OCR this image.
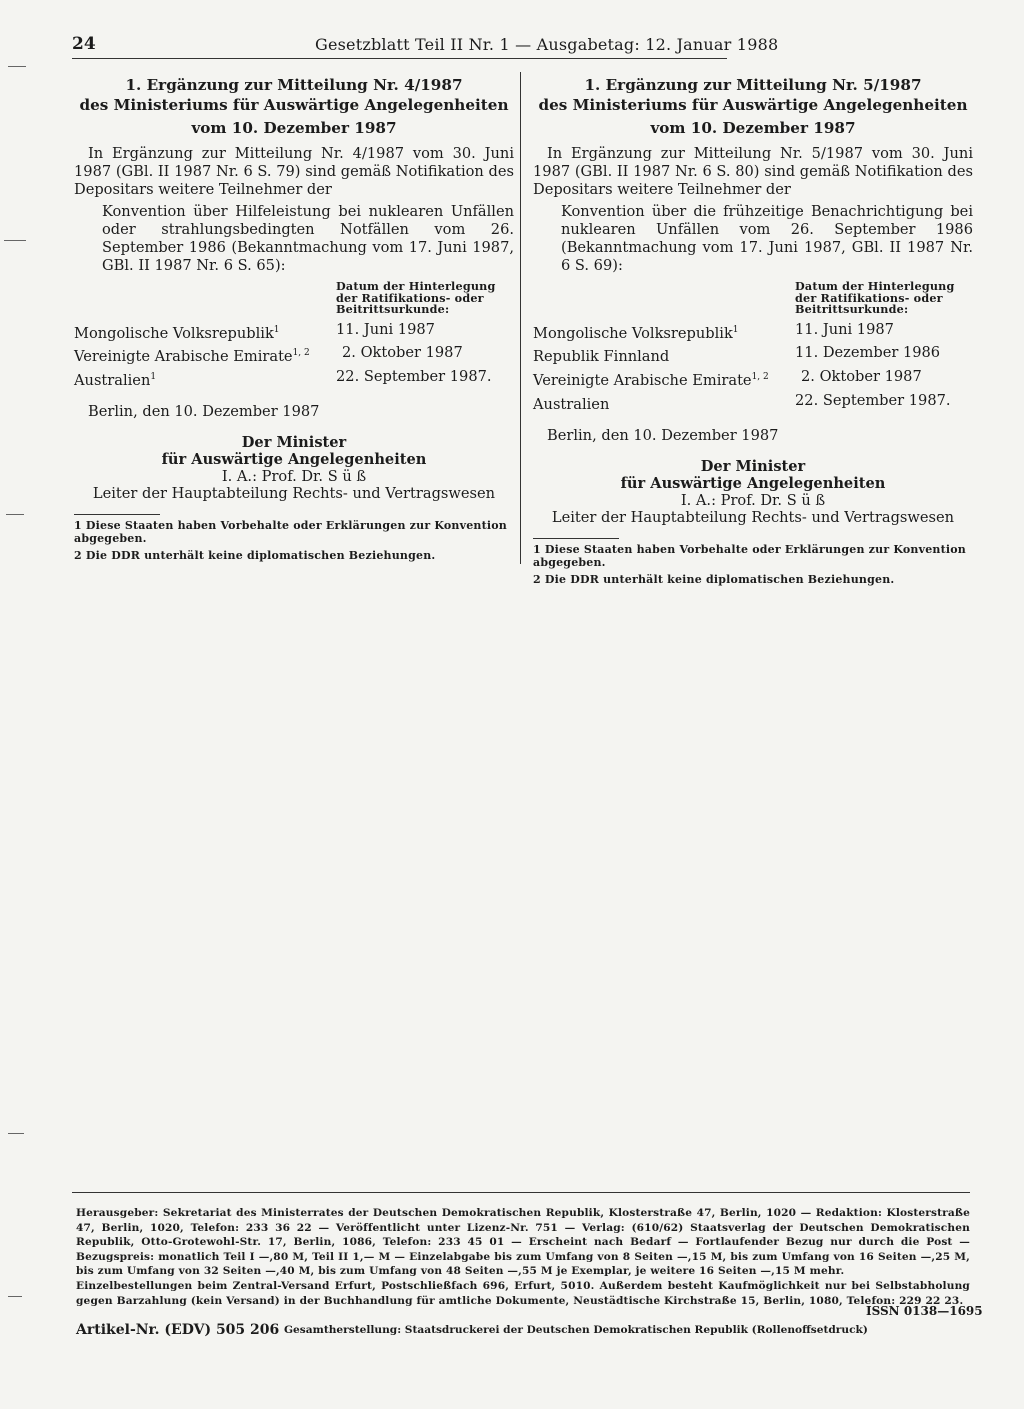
24	Gesetzblatt Teil II Nr. 1 — Ausgabetag: 12. Januar 1988
1. Ergänzung zur Mitteilung Nr. 4/1987
des Ministeriums für Auswärtige Angelegenheiten
vom 10. Dezember 1987

In Ergänzung zur Mitteilung Nr. 4/1987 vom 30. Juni 1987 (GBl. II 1987 Nr. 6 S. 79) sind gemäß Notifikation des Depositars weitere Teilnehmer der

Konvention über Hilfeleistung bei nuklearen Unfällen oder strahlungsbedingten Notfällen vom 26. September 1986 (Bekanntmachung vom 17. Juni 1987, GBl. II 1987 Nr. 6 S. 65):

Datum der Hinterlegung der Ratifikations- oder Beitrittsurkunde:
Mongolische Volksrepublik$^1$	11. Juni 1987
Vereinigte Arabische Emirate$^{1, 2}$	2. Oktober 1987
Australien$^1$	22. September 1987.
Berlin, den 10. Dezember 1987
Der Minister
für Auswärtige Angelegenheiten
I. A.: Prof. Dr. S ü ß
Leiter der Hauptabteilung Rechts- und Vertragswesen
1 Diese Staaten haben Vorbehalte oder Erklärungen zur Konvention abgegeben.
2 Die DDR unterhält keine diplomatischen Beziehungen.
1. Ergänzung zur Mitteilung Nr. 5/1987
des Ministeriums für Auswärtige Angelegenheiten
vom 10. Dezember 1987

In Ergänzung zur Mitteilung Nr. 5/1987 vom 30. Juni 1987 (GBl. II 1987 Nr. 6 S. 80) sind gemäß Notifikation des Depositars weitere Teilnehmer der

Konvention über die frühzeitige Benachrichtigung bei nuklearen Unfällen vom 26. September 1986 (Bekanntmachung vom 17. Juni 1987, GBl. II 1987 Nr. 6 S. 69):

Datum der Hinterlegung der Ratifikations- oder Beitrittsurkunde:
Mongolische Volksrepublik$^1$	11. Juni 1987
Republik Finnland	11. Dezember 1986
Vereinigte Arabische Emirate$^{1, 2}$	2. Oktober 1987
Australien	22. September 1987.
Berlin, den 10. Dezember 1987
Der Minister
für Auswärtige Angelegenheiten
I. A.: Prof. Dr. S ü ß
Leiter der Hauptabteilung Rechts- und Vertragswesen
1 Diese Staaten haben Vorbehalte oder Erklärungen zur Konvention abgegeben.
2 Die DDR unterhält keine diplomatischen Beziehungen.
Herausgeber: Sekretariat des Ministerrates der Deutschen Demokratischen Republik, Klosterstraße 47, Berlin, 1020 — Redaktion: Klosterstraße 47, Berlin, 1020, Telefon: 233 36 22 — Veröffentlicht unter Lizenz-Nr. 751 — Verlag: (610/62) Staatsverlag der Deutschen Demokratischen Republik, Otto-Grotewohl-Str. 17, Berlin, 1086, Telefon: 233 45 01 — Erscheint nach Bedarf — Fortlaufender Bezug nur durch die Post — Bezugspreis: monatlich Teil I —,80 M, Teil II 1,— M — Einzelabgabe bis zum Umfang von 8 Seiten —,15 M, bis zum Umfang von 16 Seiten —,25 M, bis zum Umfang von 32 Seiten —,40 M, bis zum Umfang von 48 Seiten —,55 M je Exemplar, je weitere 16 Seiten —,15 M mehr.
Einzelbestellungen beim Zentral-Versand Erfurt, Postschließfach 696, Erfurt, 5010. Außerdem besteht Kaufmöglichkeit nur bei Selbstabholung gegen Barzahlung (kein Versand) in der Buchhandlung für amtliche Dokumente, Neustädtische Kirchstraße 15, Berlin, 1080, Telefon: 229 22 23.
ISSN 0138—1695
Artikel-Nr. (EDV) 505 206 Gesamtherstellung: Staatsdruckerei der Deutschen Demokratischen Republik (Rollenoffsetdruck)
